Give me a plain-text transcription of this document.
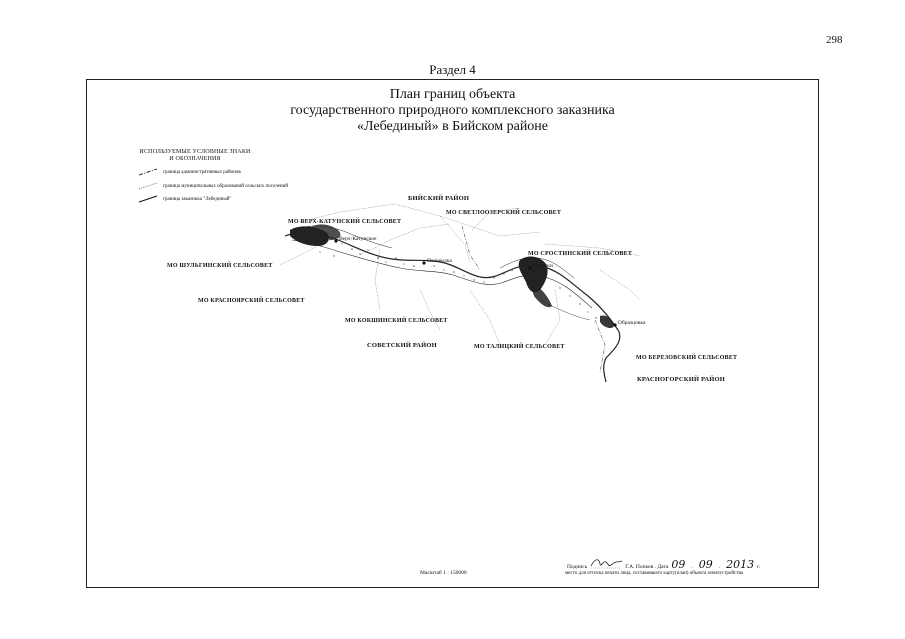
298
Раздел 4
План границ объекта
государственного природного комплексного заказника
«Лебединый» в Бийском районе
ИСПОЛЬЗУЕМЫЕ УСЛОВНЫЕ ЗНАКИ
И ОБОЗНАЧЕНИЯ
граница административных районов
граница муниципальных образований сельских поселений
граница заказника "Лебединый"	БИЙСКИЙ РАЙОН
МО СВЕТЛООЗЕРСКИЙ СЕЛЬСОВЕТ
МО ВЕРХ-КАТУНСКИЙ СЕЛЬСОВЕТ
МО СРОСТИНСКИЙ СЕЛЬСОВЕТ
МО ШУЛЬГИНСКИЙ СЕЛЬСОВЕТ
МО КРАСНОЯРСКИЙ СЕЛЬСОВЕТ
МО КОКШИНСКИЙ СЕЛЬСОВЕТ
СОВЕТСКИЙ РАЙОН	МО ТАЛИЦКИЙ СЕЛЬСОВЕТ
МО БЕРЕЗОВСКИЙ СЕЛЬСОВЕТ
КРАСНОГОРСКИЙ РАЙОН
Верх-Катунское
Полеводка
Сростки
Образцовка
Масштаб 1 : 150000
Подпись	Г.А. Попков . Дата 09 . 09 . 2013 г.
место для оттиска печати лица, составившего карту(план) объекта землеустройства
